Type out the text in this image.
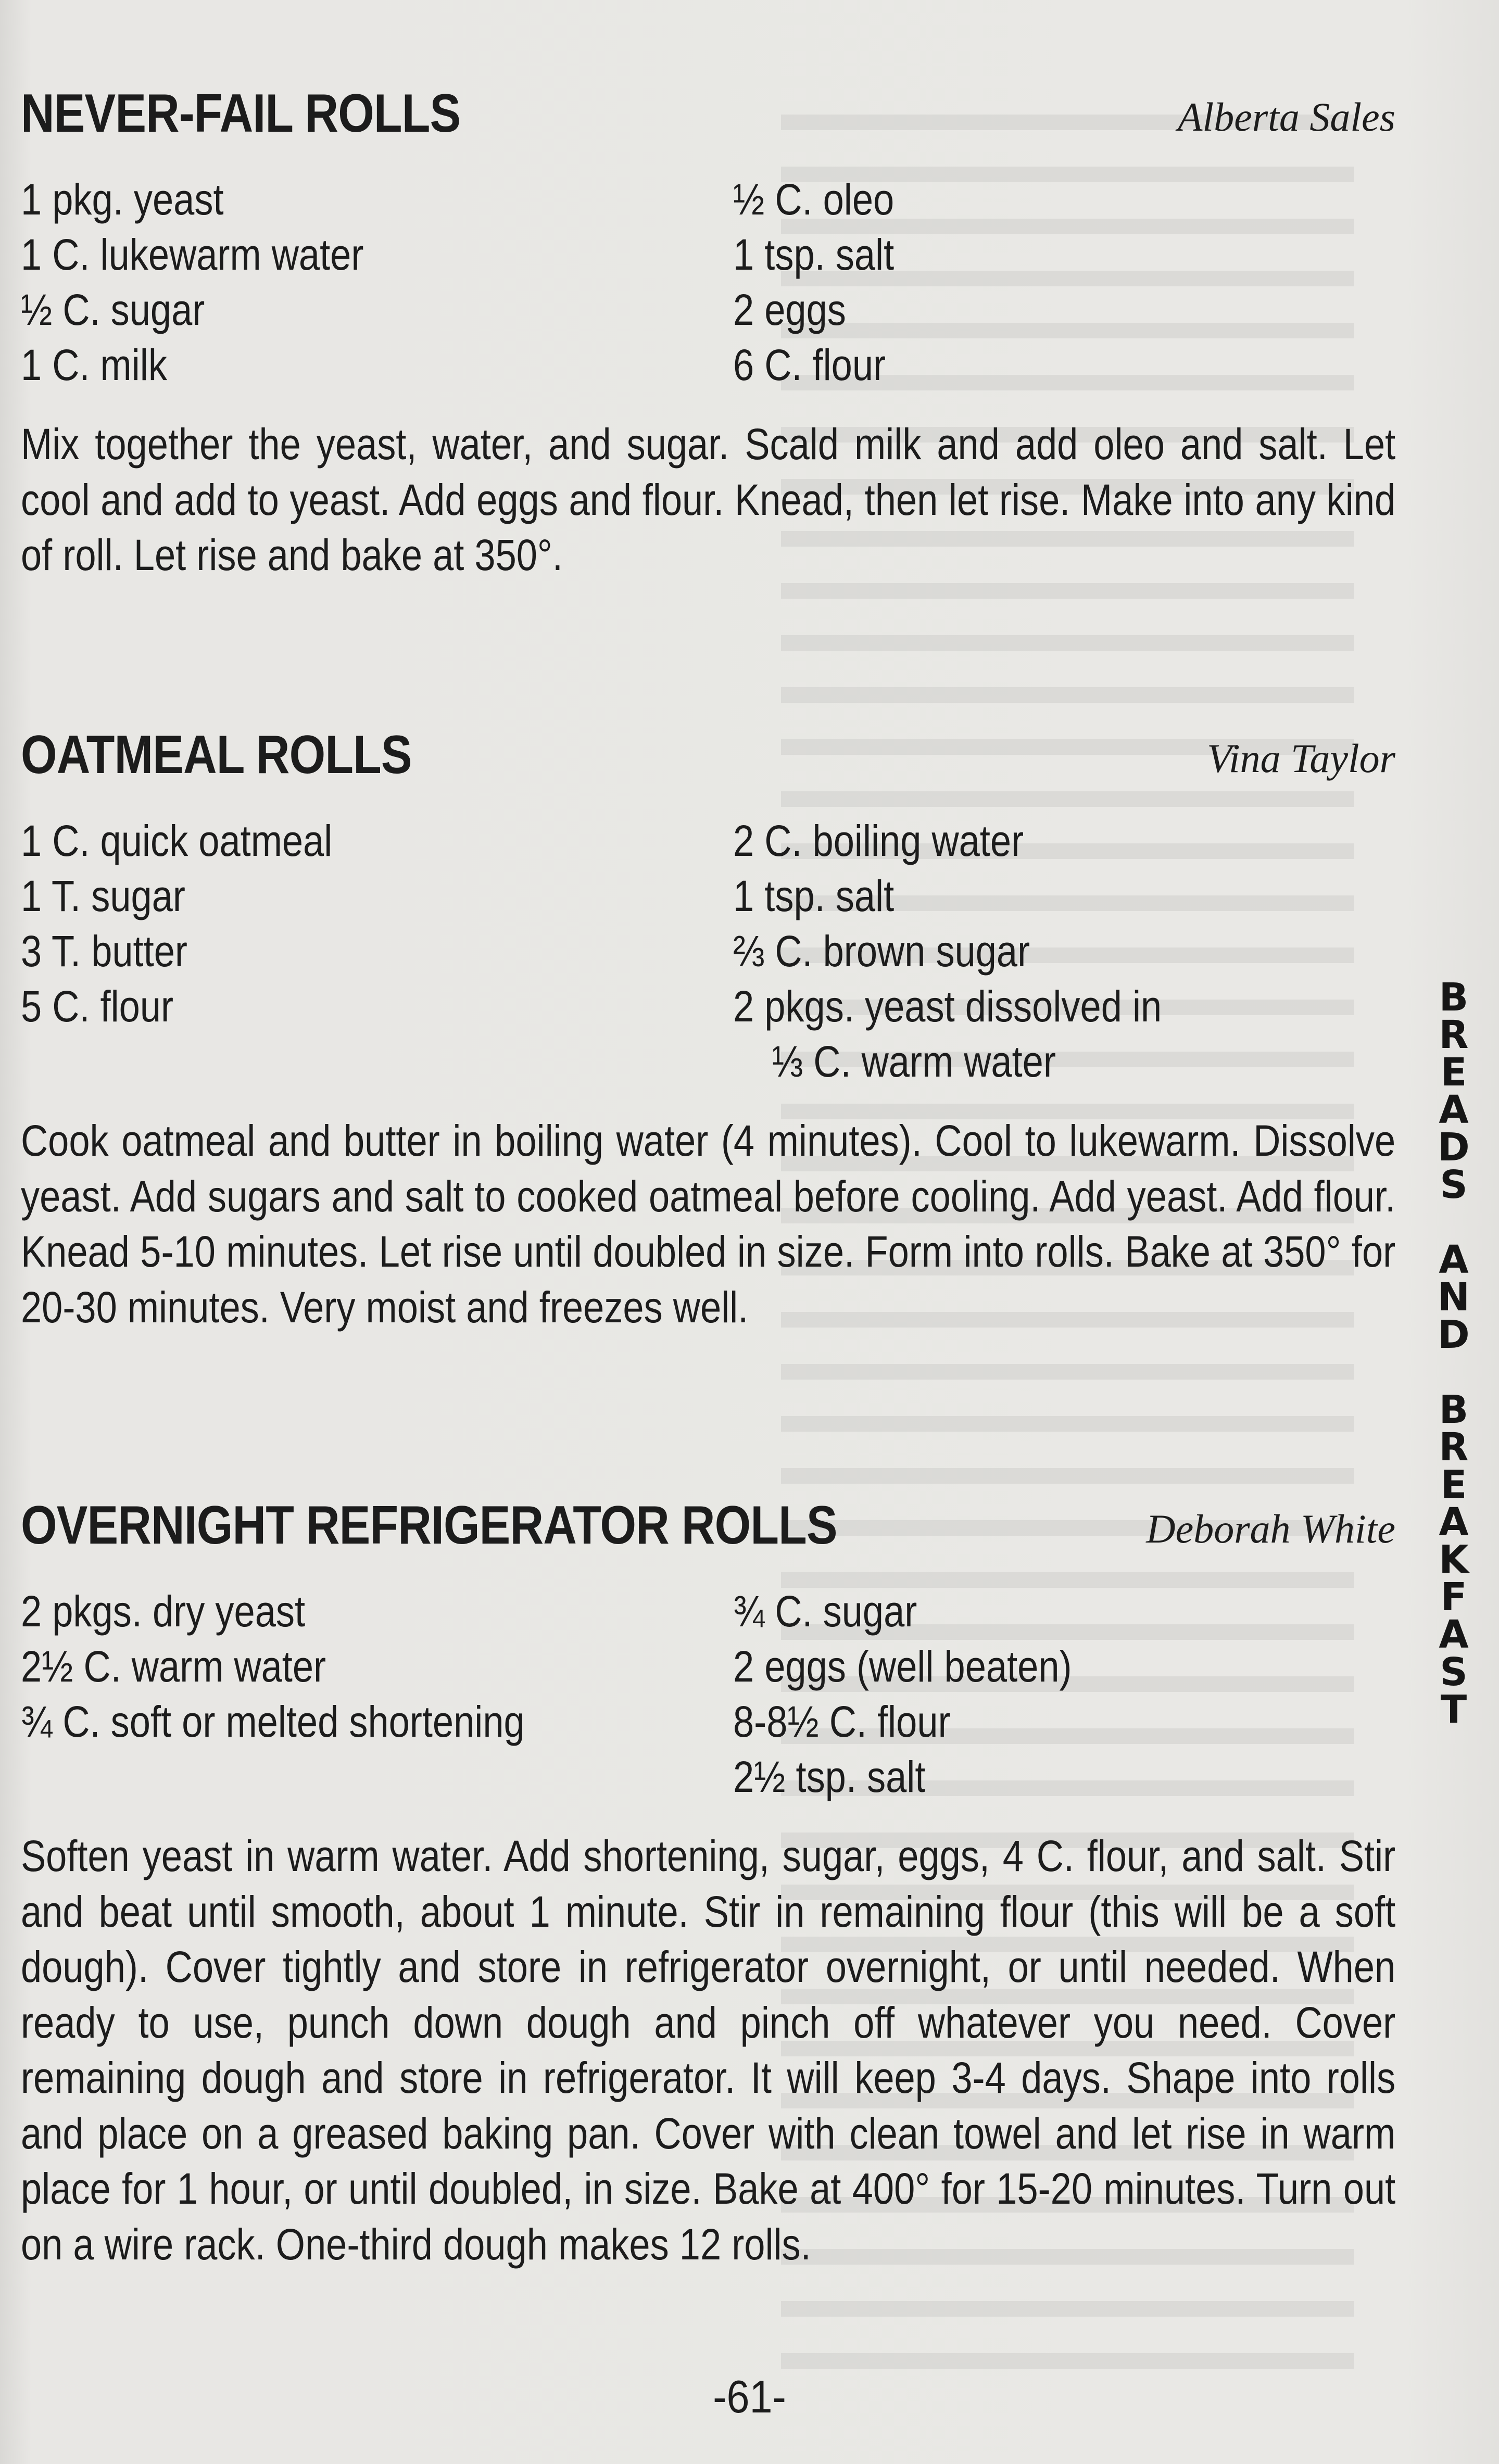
NEVER-FAIL ROLLS	Alberta Sales
1 pkg. yeast
1 C. lukewarm water
½ C. sugar
1 C. milk
½ C. oleo
1 tsp. salt
2 eggs
6 C. flour

Mix together the yeast, water, and sugar. Scald milk and add oleo and salt. Let cool and add to yeast. Add eggs and flour. Knead, then let rise. Make into any kind of roll. Let rise and bake at 350°.

OATMEAL ROLLS	Vina Taylor
1 C. quick oatmeal
1 T. sugar
3 T. butter
5 C. flour
2 C. boiling water
1 tsp. salt
⅔ C. brown sugar
2 pkgs. yeast dissolved in
⅓ C. warm water

Cook oatmeal and butter in boiling water (4 minutes). Cool to lukewarm. Dissolve yeast. Add sugars and salt to cooked oatmeal before cooling. Add yeast. Add flour. Knead 5-10 minutes. Let rise until doubled in size. Form into rolls. Bake at 350° for 20-30 minutes. Very moist and freezes well.

OVERNIGHT REFRIGERATOR ROLLS	Deborah White
2 pkgs. dry yeast
2½ C. warm water
¾ C. soft or melted shortening
¾ C. sugar
2 eggs (well beaten)
8-8½ C. flour
2½ tsp. salt

Soften yeast in warm water. Add shortening, sugar, eggs, 4 C. flour, and salt. Stir and beat until smooth, about 1 minute. Stir in remaining flour (this will be a soft dough). Cover tightly and store in refrigerator overnight, or until needed. When ready to use, punch down dough and pinch off whatever you need. Cover remaining dough and store in refrigerator. It will keep 3-4 days. Shape into rolls and place on a greased baking pan. Cover with clean towel and let rise in warm place for 1 hour, or until doubled, in size. Bake at 400° for 15-20 minutes. Turn out on a wire rack. One-third dough makes 12 rolls.

B
R
E
A
D
S
A
N
D
B
R
E
A
K
F
A
S
T
-61-
